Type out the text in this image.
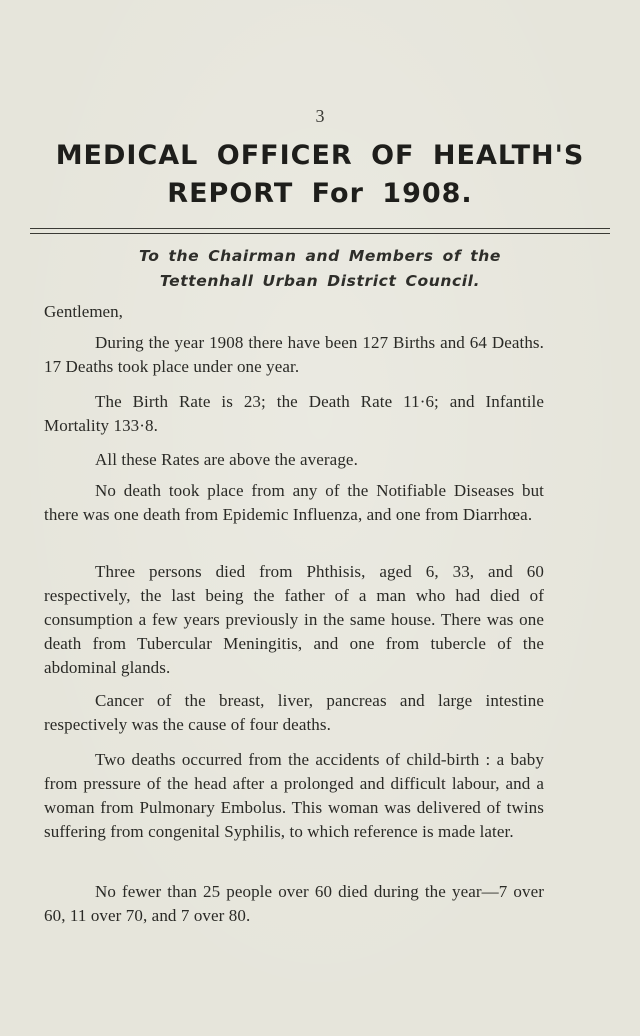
3
MEDICAL OFFICER OF HEALTH'S
REPORT For 1908.
To the Chairman and Members of the
Tettenhall Urban District Council.
Gentlemen,

During the year 1908 there have been 127 Births and 64 Deaths. 17 Deaths took place under one year.

The Birth Rate is 23; the Death Rate 11·6; and Infantile Mortality 133·8.

All these Rates are above the average.

No death took place from any of the Notifiable Diseases but there was one death from Epidemic Influenza, and one from Diarrhœa.

Three persons died from Phthisis, aged 6, 33, and 60 respectively, the last being the father of a man who had died of consumption a few years previously in the same house. There was one death from Tubercular Meningitis, and one from tubercle of the abdominal glands.

Cancer of the breast, liver, pancreas and large intestine respectively was the cause of four deaths.

Two deaths occurred from the accidents of child-birth : a baby from pressure of the head after a prolonged and difficult labour, and a woman from Pulmonary Embolus. This woman was delivered of twins suffering from congenital Syphilis, to which reference is made later.

No fewer than 25 people over 60 died during the year—7 over 60, 11 over 70, and 7 over 80.
